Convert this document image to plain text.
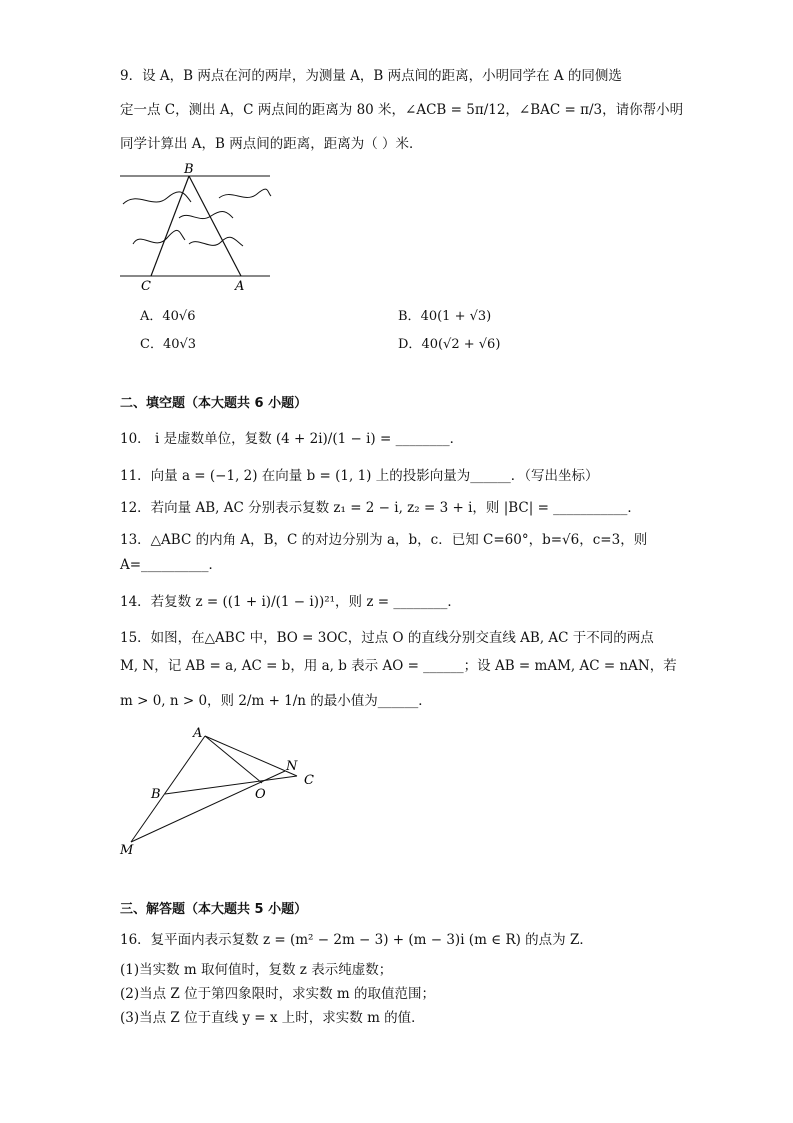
9．设 A，B 两点在河的两岸，为测量 A，B 两点间的距离，小明同学在 A 的同侧选
定一点 C，测出 A，C 两点间的距离为 80 米，∠ACB = 5π/12，∠BAC = π/3，请你帮小明
同学计算出 A，B 两点间的距离，距离为（ ）米．
B
C	A
A．40√6	B．40(1 + √3)
C．40√3	D．40(√2 + √6)
二、填空题（本大题共 6 小题）
10． i 是虚数单位，复数 (4 + 2i)/(1 − i) = ________．
11．向量 a = (−1, 2) 在向量 b = (1, 1) 上的投影向量为______．（写出坐标）
12．若向量 AB, AC 分别表示复数 z₁ = 2 − i, z₂ = 3 + i，则 |BC| = ___________．
13．△ABC 的内角 A，B，C 的对边分别为 a，b，c．已知 C=60°，b=√6，c=3，则
A=__________．
14．若复数 z = ((1 + i)/(1 − i))²¹，则 z = ________．
15．如图，在△ABC 中，BO = 3OC，过点 O 的直线分别交直线 AB, AC 于不同的两点
M, N，记 AB = a, AC = b，用 a, b 表示 AO = ______；设 AB = mAM, AC = nAN，若
m > 0, n > 0，则 2/m + 1/n 的最小值为______．
A
N
C
B	O
M
三、解答题（本大题共 5 小题）
16．复平面内表示复数 z = (m² − 2m − 3) + (m − 3)i (m ∈ R) 的点为 Z．
(1)当实数 m 取何值时，复数 z 表示纯虚数；
(2)当点 Z 位于第四象限时，求实数 m 的取值范围；
(3)当点 Z 位于直线 y = x 上时，求实数 m 的值．
